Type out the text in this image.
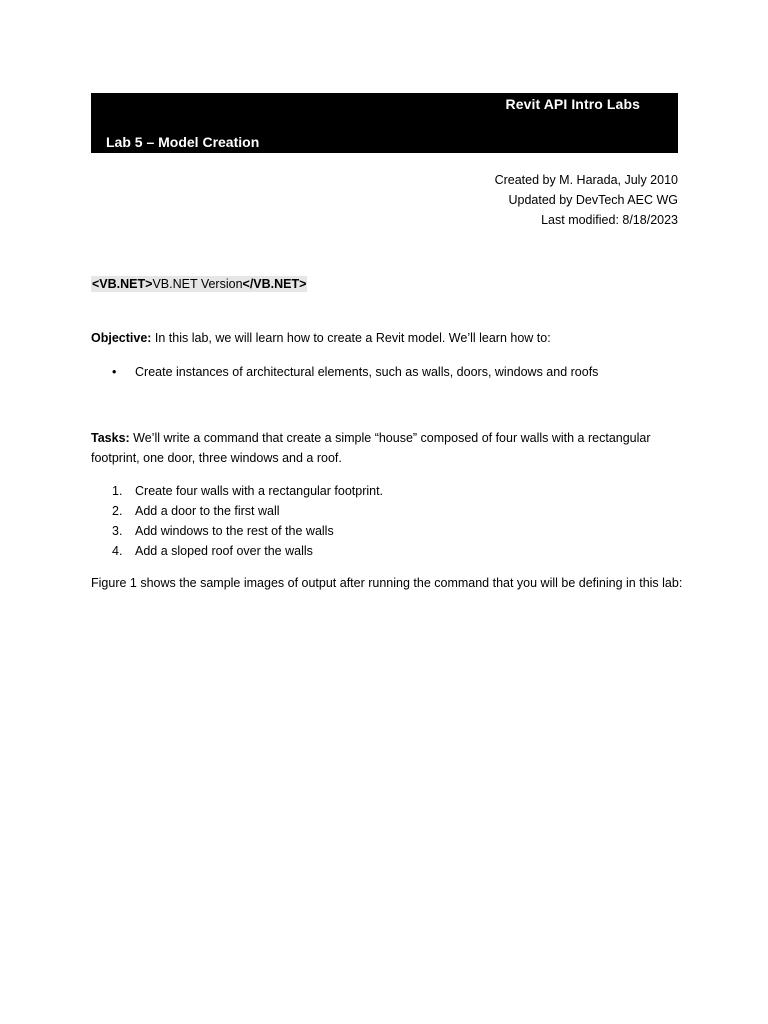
Revit API Intro Labs
Lab 5 – Model Creation
Created by M. Harada, July 2010
Updated by DevTech AEC WG
Last modified: 8/18/2023
<VB.NET>VB.NET Version</VB.NET>
Objective: In this lab, we will learn how to create a Revit model. We’ll learn how to:
• Create instances of architectural elements, such as walls, doors, windows and roofs
Tasks: We’ll write a command that create a simple “house” composed of four walls with a rectangular footprint, one door, three windows and a roof.
1. Create four walls with a rectangular footprint.
2. Add a door to the first wall
3. Add windows to the rest of the walls
4. Add a sloped roof over the walls
Figure 1 shows the sample images of output after running the command that you will be defining in this lab:
